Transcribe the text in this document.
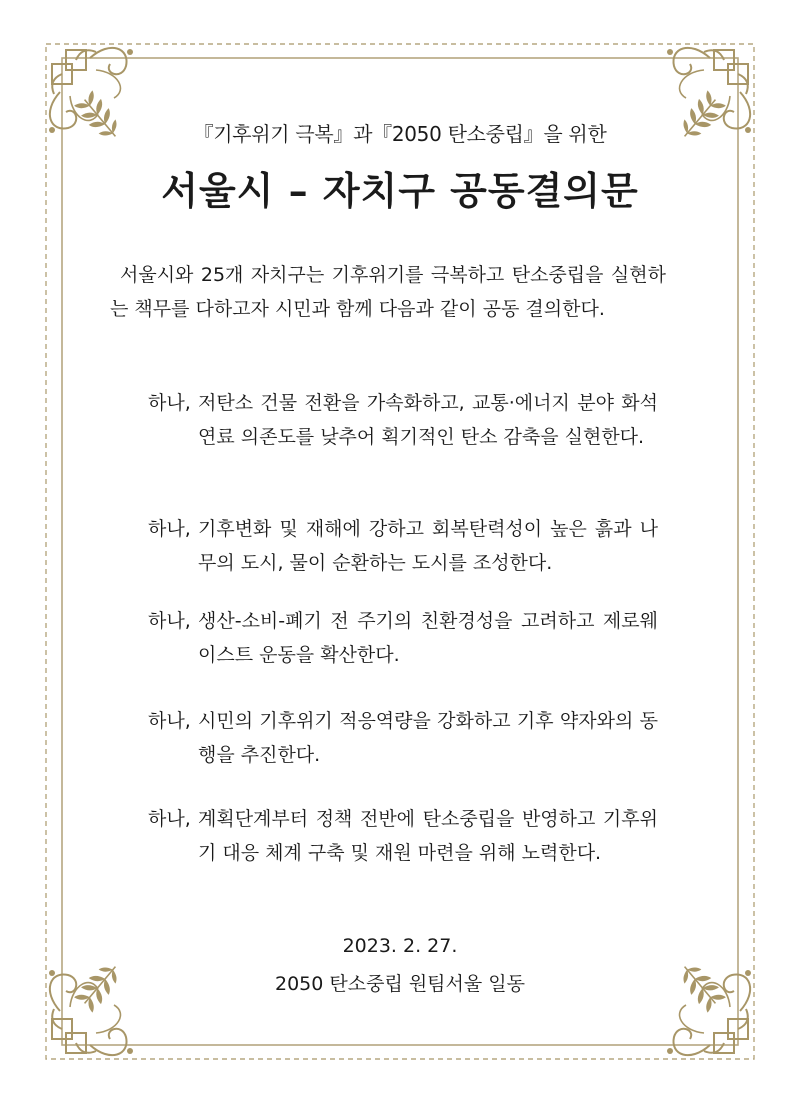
『기후위기 극복』과『2050 탄소중립』을 위한
서울시 – 자치구 공동결의문

서울시와 25개 자치구는 기후위기를 극복하고 탄소중립을 실현하는 책무를 다하고자 시민과 함께 다음과 같이 공동 결의한다.

하나, 저탄소 건물 전환을 가속화하고, 교통·에너지 분야 화석연료 의존도를 낮추어 획기적인 탄소 감축을 실현한다.
하나, 기후변화 및 재해에 강하고 회복탄력성이 높은 흙과 나무의 도시, 물이 순환하는 도시를 조성한다.
하나, 생산-소비-폐기 전 주기의 친환경성을 고려하고 제로웨이스트 운동을 확산한다.
하나, 시민의 기후위기 적응역량을 강화하고 기후 약자와의 동행을 추진한다.
하나, 계획단계부터 정책 전반에 탄소중립을 반영하고 기후위기 대응 체계 구축 및 재원 마련을 위해 노력한다.
2023. 2. 27.
2050 탄소중립 원팀서울 일동
